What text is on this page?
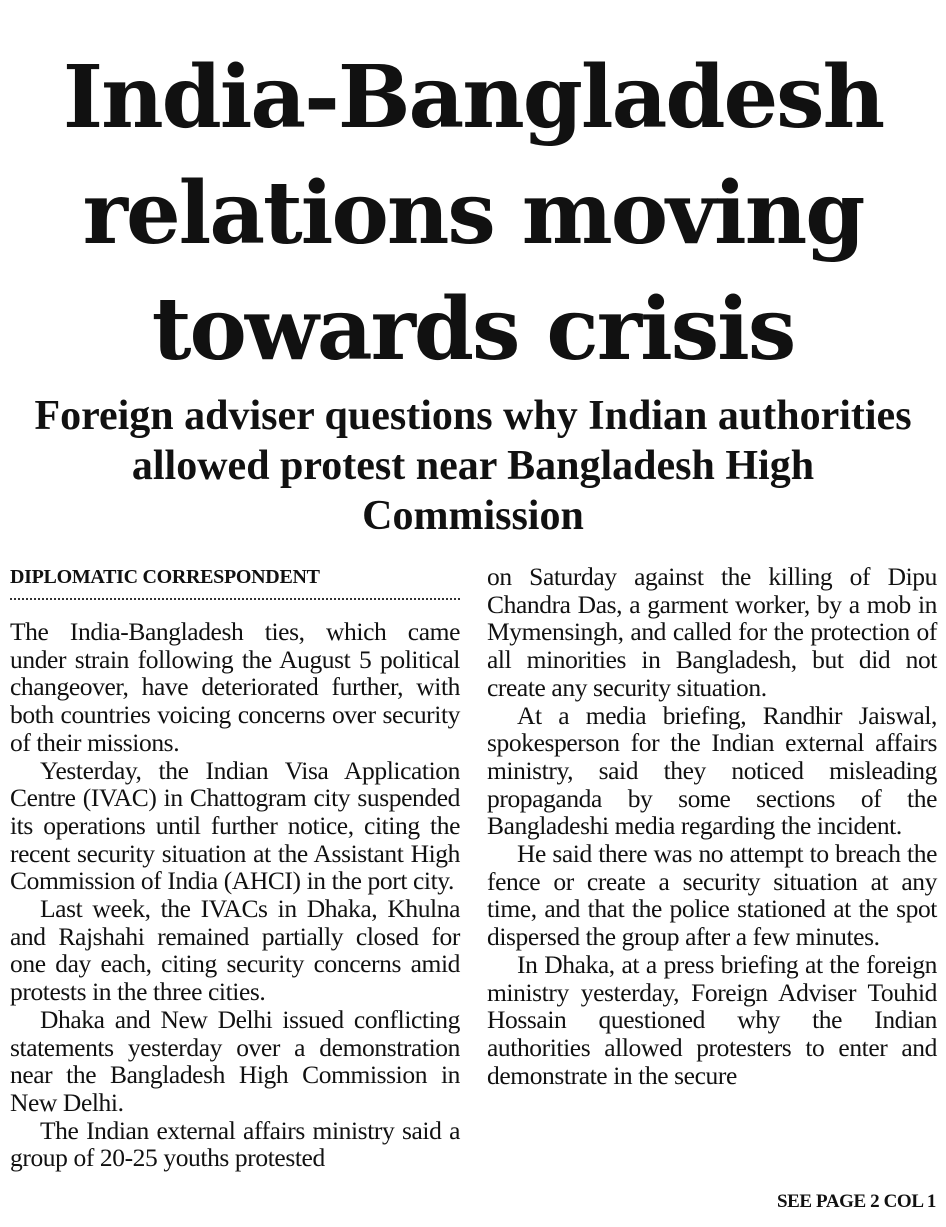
India-Bangladesh
relations moving
towards crisis
Foreign adviser questions why Indian authorities allowed protest near Bangladesh High Commission
DIPLOMATIC CORRESPONDENT

The India-Bangladesh ties, which came under strain following the August 5 political changeover, have deteriorated further, with both countries voicing concerns over security of their missions.

Yesterday, the Indian Visa Application Centre (IVAC) in Chattogram city suspended its operations until further notice, citing the recent security situation at the Assistant High Commission of India (AHCI) in the port city.

Last week, the IVACs in Dhaka, Khulna and Rajshahi remained partially closed for one day each, citing security concerns amid protests in the three cities.

Dhaka and New Delhi issued conflicting statements yesterday over a demonstration near the Bangladesh High Commission in New Delhi.

The Indian external affairs ministry said a group of 20-25 youths protested

on Saturday against the killing of Dipu Chandra Das, a garment worker, by a mob in Mymensingh, and called for the protection of all minorities in Bangladesh, but did not create any security situation.

At a media briefing, Randhir Jaiswal, spokesperson for the Indian external affairs ministry, said they noticed misleading propaganda by some sections of the Bangladeshi media regarding the incident.

He said there was no attempt to breach the fence or create a security situation at any time, and that the police stationed at the spot dispersed the group after a few minutes.

In Dhaka, at a press briefing at the foreign ministry yesterday, Foreign Adviser Touhid Hossain questioned why the Indian authorities allowed protesters to enter and demonstrate in the secure

SEE PAGE 2 COL 1
